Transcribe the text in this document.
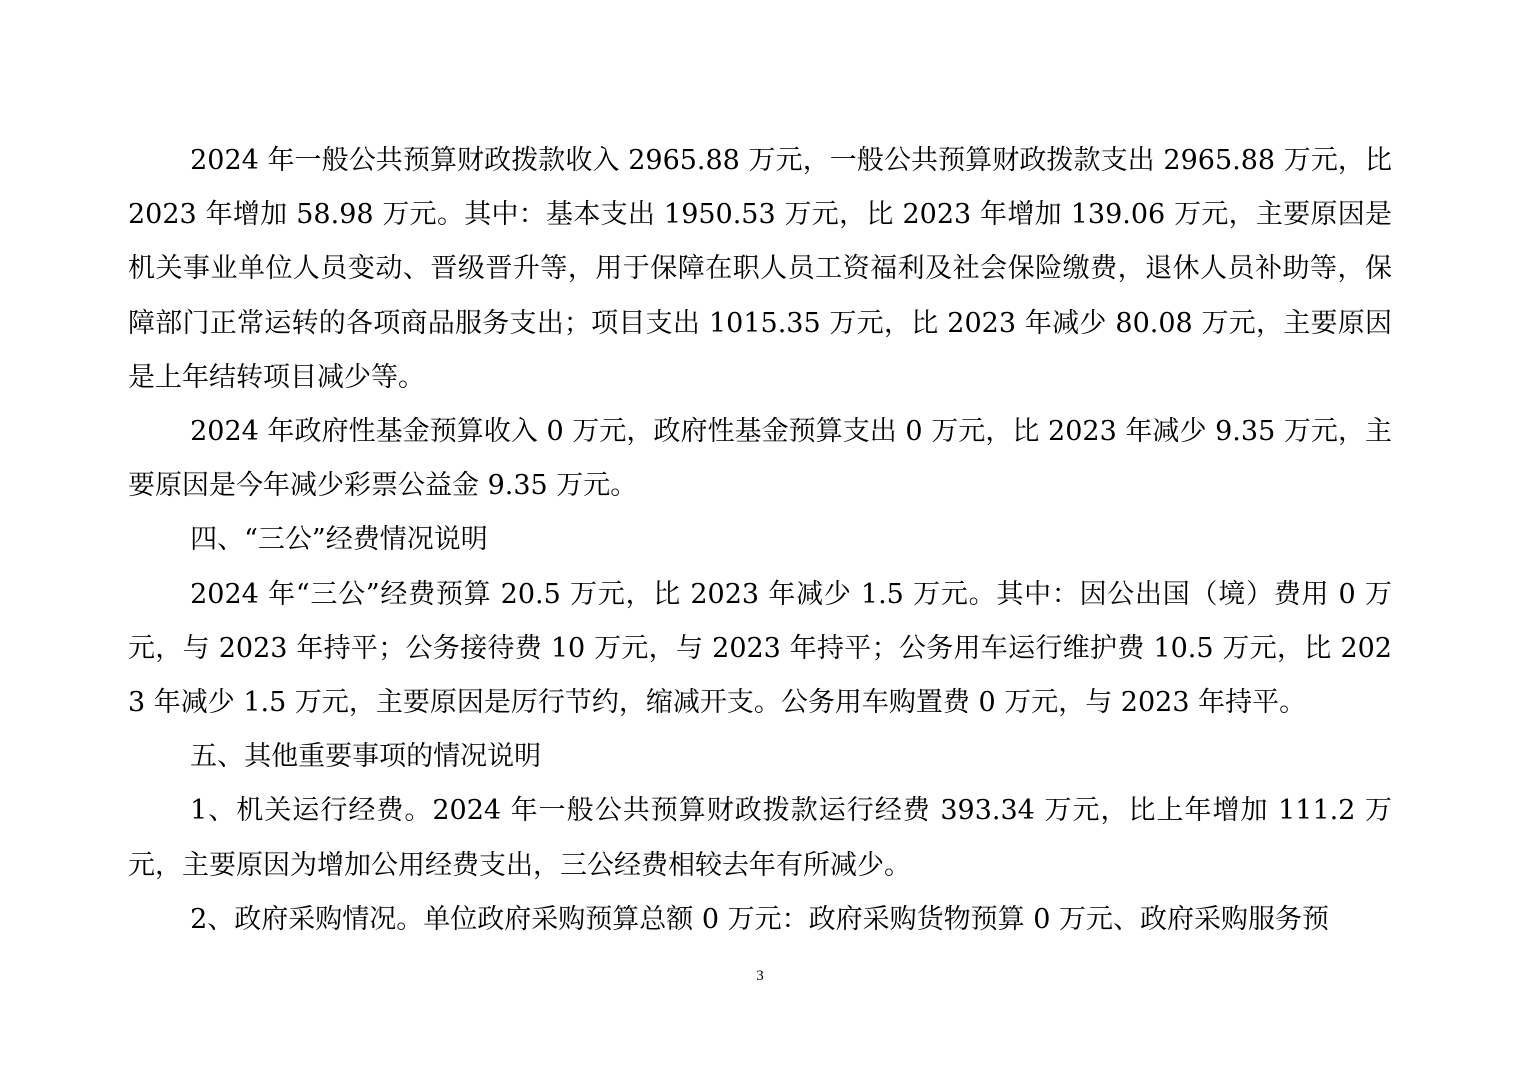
2024 年一般公共预算财政拨款收入 2965.88 万元，一般公共预算财政拨款支出 2965.88 万元，比 2023 年增加 58.98 万元。其中：基本支出 1950.53 万元，比 2023 年增加 139.06 万元，主要原因是机关事业单位人员变动、晋级晋升等，用于保障在职人员工资福利及社会保险缴费，退休人员补助等，保障部门正常运转的各项商品服务支出；项目支出 1015.35 万元，比 2023 年减少 80.08 万元，主要原因是上年结转项目减少等。

2024 年政府性基金预算收入 0 万元，政府性基金预算支出 0 万元，比 2023 年减少 9.35 万元，主要原因是今年减少彩票公益金 9.35 万元。

四、“三公”经费情况说明

2024 年“三公”经费预算 20.5 万元，比 2023 年减少 1.5 万元。其中：因公出国（境）费用 0 万元，与 2023 年持平；公务接待费 10 万元，与 2023 年持平；公务用车运行维护费 10.5 万元，比 2023 年减少 1.5 万元，主要原因是厉行节约，缩减开支。公务用车购置费 0 万元，与 2023 年持平。

五、其他重要事项的情况说明

1、机关运行经费。2024 年一般公共预算财政拨款运行经费 393.34 万元，比上年增加 111.2 万元，主要原因为增加公用经费支出，三公经费相较去年有所减少。

2、政府采购情况。单位政府采购预算总额 0 万元：政府采购货物预算 0 万元、政府采购服务预

3
